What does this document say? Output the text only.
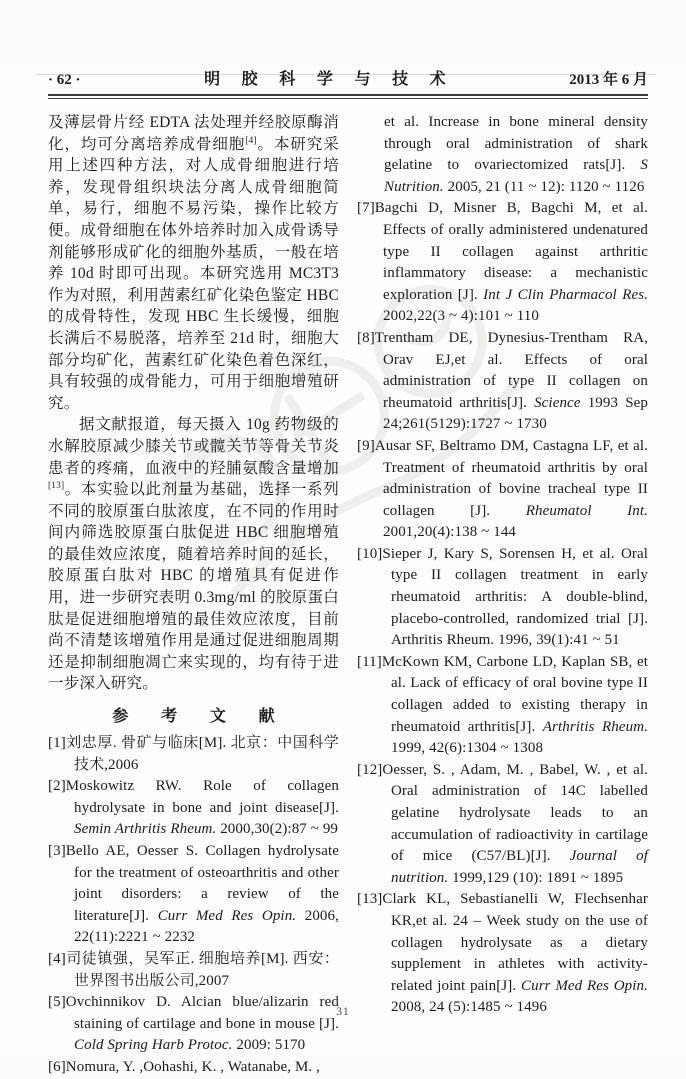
· 62 ·	明 胶 科 学 与 技 术	2013 年 6 月

及薄层骨片经 EDTA 法处理并经胶原酶消化，均可分离培养成骨细胞[4]。本研究采用上述四种方法，对人成骨细胞进行培养，发现骨组织块法分离人成骨细胞简单，易行，细胞不易污染，操作比较方便。成骨细胞在体外培养时加入成骨诱导剂能够形成矿化的细胞外基质，一般在培养 10d 时即可出现。本研究选用 MC3T3 作为对照，利用茜素红矿化染色鉴定 HBC 的成骨特性，发现 HBC 生长缓慢，细胞长满后不易脱落，培养至 21d 时，细胞大部分均矿化，茜素红矿化染色着色深红，具有较强的成骨能力，可用于细胞增殖研究。

据文献报道，每天摄入 10g 药物级的水解胶原减少膝关节或髋关节等骨关节炎患者的疼痛，血液中的羟脯氨酸含量增加[13]。本实验以此剂量为基础，选择一系列不同的胶原蛋白肽浓度，在不同的作用时间内筛选胶原蛋白肽促进 HBC 细胞增殖的最佳效应浓度，随着培养时间的延长，胶原蛋白肽对 HBC 的增殖具有促进作用，进一步研究表明 0.3mg/ml 的胶原蛋白肽是促进细胞增殖的最佳效应浓度，目前尚不清楚该增殖作用是通过促进细胞周期还是抑制细胞凋亡来实现的，均有待于进一步深入研究。

参 考 文 献
[1]刘忠厚. 骨矿与临床[M]. 北京：中国科学技术,2006
[2]Moskowitz RW. Role of collagen hydrolysate in bone and joint disease[J]. Semin Arthritis Rheum. 2000,30(2):87 ~ 99
[3]Bello AE, Oesser S. Collagen hydrolysate for the treatment of osteoarthritis and other joint disorders: a review of the literature[J]. Curr Med Res Opin. 2006, 22(11):2221 ~ 2232
[4]司徒镇强，吴军正. 细胞培养[M]. 西安：世界图书出版公司,2007
[5]Ovchinnikov D. Alcian blue/alizarin red staining of cartilage and bone in mouse [J]. Cold Spring Harb Protoc. 2009: 5170
[6]Nomura, Y. ,Oohashi, K. , Watanabe, M. ,
et al. Increase in bone mineral density through oral administration of shark gelatine to ovariectomized rats[J]. S Nutrition. 2005, 21 (11 ~ 12): 1120 ~ 1126
[7]Bagchi D, Misner B, Bagchi M, et al. Effects of orally administered undenatured type II collagen against arthritic inflammatory disease: a mechanistic exploration [J]. Int J Clin Pharmacol Res. 2002,22(3 ~ 4):101 ~ 110
[8]Trentham DE, Dynesius-Trentham RA, Orav EJ,et al. Effects of oral administration of type II collagen on rheumatoid arthritis[J]. Science 1993 Sep 24;261(5129):1727 ~ 1730
[9]Ausar SF, Beltramo DM, Castagna LF, et al. Treatment of rheumatoid arthritis by oral administration of bovine tracheal type II collagen [J]. Rheumatol Int. 2001,20(4):138 ~ 144
[10]Sieper J, Kary S, Sorensen H, et al. Oral type II collagen treatment in early rheumatoid arthritis: A double-blind, placebo-controlled, randomized trial [J]. Arthritis Rheum. 1996, 39(1):41 ~ 51
[11]McKown KM, Carbone LD, Kaplan SB, et al. Lack of efficacy of oral bovine type II collagen added to existing therapy in rheumatoid arthritis[J]. Arthritis Rheum. 1999, 42(6):1304 ~ 1308
[12]Oesser, S. , Adam, M. , Babel, W. , et al. Oral administration of 14C labelled gelatine hydrolysate leads to an accumulation of radioactivity in cartilage of mice (C57/BL)[J]. Journal of nutrition. 1999,129 (10): 1891 ~ 1895
[13]Clark KL, Sebastianelli W, Flechsenhar KR,et al. 24 – Week study on the use of collagen hydrolysate as a dietary supplement in athletes with activity-related joint pain[J]. Curr Med Res Opin. 2008, 24 (5):1485 ~ 1496
31
